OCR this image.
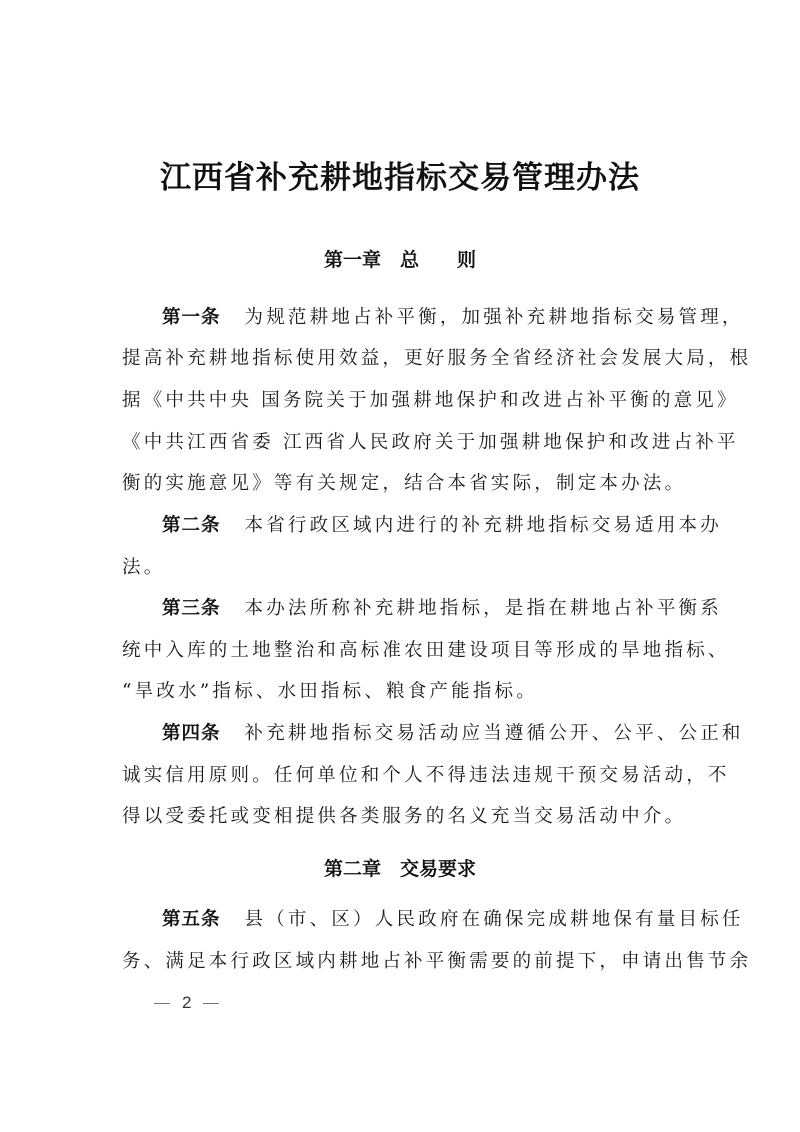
江西省补充耕地指标交易管理办法
第一章　总　　则
第一条 为规范耕地占补平衡，加强补充耕地指标交易管理，
提高补充耕地指标使用效益，更好服务全省经济社会发展大局，根
据《中共中央 国务院关于加强耕地保护和改进占补平衡的意见》
《中共江西省委 江西省人民政府关于加强耕地保护和改进占补平
衡的实施意见》等有关规定，结合本省实际，制定本办法。
第二条 本省行政区域内进行的补充耕地指标交易适用本办
法。
第三条 本办法所称补充耕地指标，是指在耕地占补平衡系
统中入库的土地整治和高标准农田建设项目等形成的旱地指标、
“旱改水”指标、水田指标、粮食产能指标。
第四条 补充耕地指标交易活动应当遵循公开、公平、公正和
诚实信用原则。任何单位和个人不得违法违规干预交易活动，不
得以受委托或变相提供各类服务的名义充当交易活动中介。
第二章　交易要求
第五条 县（市、区）人民政府在确保完成耕地保有量目标任
务、满足本行政区域内耕地占补平衡需要的前提下，申请出售节余
2
